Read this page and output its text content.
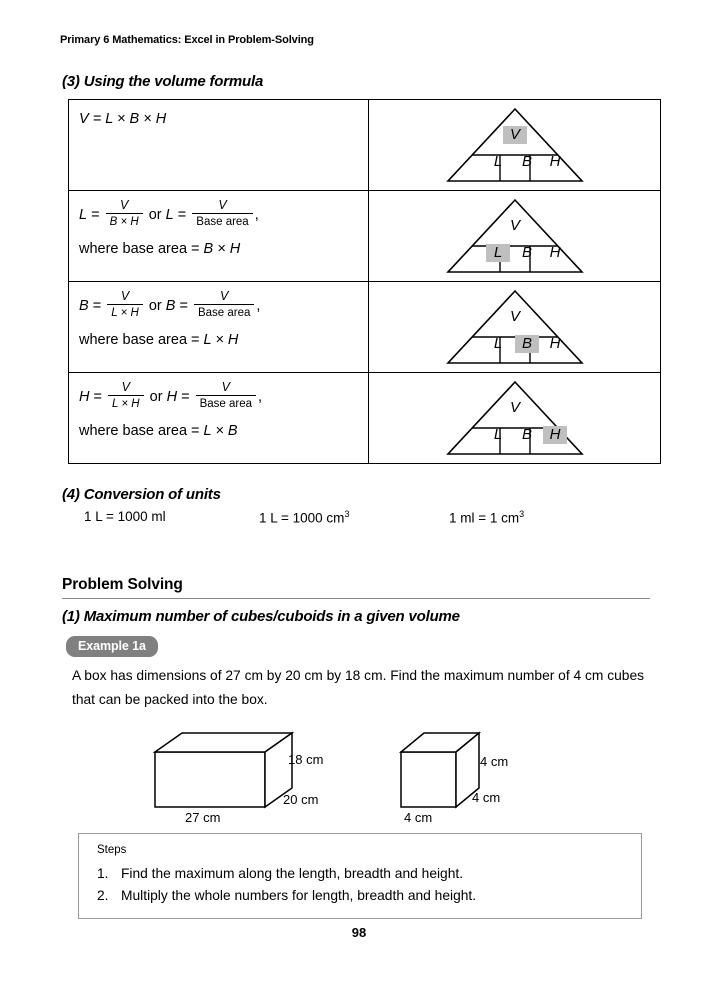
Primary 6 Mathematics: Excel in Problem-Solving
(3) Using the volume formula
V = L × B × H	V
L B H

$L = \frac{V}{B \times H}$ or $L = \frac{V}{\text{Base area}}$ ,
where base area = B × H

V
L	B	H

$B = \frac{V}{L \times H}$ or $B = \frac{V}{\text{Base area}}$ ,
where base area = L × H

V
L	B	H

$H = \frac{V}{L \times H}$ or $H = \frac{V}{\text{Base area}}$ ,
where base area = L × B

V
L	B	H
(4) Conversion of units
1 L = 1000 ml	1 L = 1000 $cm^3$	1 ml = 1 $cm^3$
Problem Solving
(1) Maximum number of cubes/cuboids in a given volume
Example 1a
A box has dimensions of 27 cm by 20 cm by 18 cm. Find the maximum number of 4 cm cubes that can be packed into the box.
18 cm
20 cm
27 cm
4 cm
4 cm
4 cm
Steps
1. Find the maximum along the length, breadth and height.
2. Multiply the whole numbers for length, breadth and height.
98
